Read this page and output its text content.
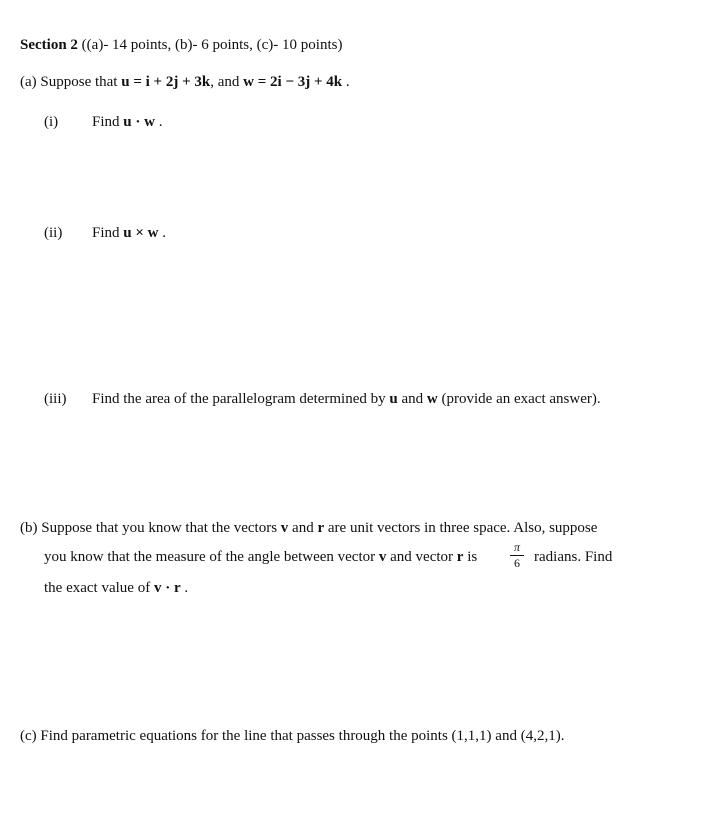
Section 2 ((a)- 14 points, (b)- 6 points, (c)- 10 points)
(a) Suppose that u = i + 2j + 3k, and w = 2i − 3j + 4k .
(i) Find u · w .
(ii) Find u × w .
(iii) Find the area of the parallelogram determined by u and w (provide an exact answer).
(b) Suppose that you know that the vectors v and r are unit vectors in three space. Also, suppose
you know that the measure of the angle between vector v and vector r is
π
6 radians. Find
the exact value of v · r .
(c) Find parametric equations for the line that passes through the points (1,1,1) and (4,2,1).
